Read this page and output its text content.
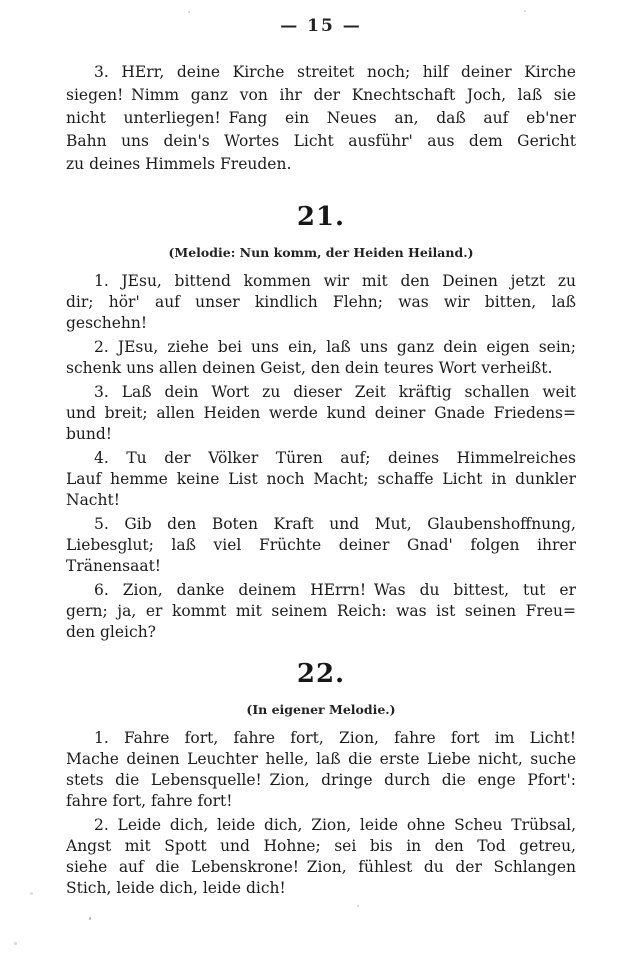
— 15 —
3. HErr, deine Kirche streitet noch; hilf deiner Kirche
siegen! Nimm ganz von ihr der Knechtschaft Joch, laß sie
nicht unterliegen! Fang ein Neues an, daß auf eb'ner
Bahn uns dein's Wortes Licht ausführ' aus dem Gericht
zu deines Himmels Freuden.
21.
(Melodie: Nun komm, der Heiden Heiland.)
1. JEsu, bittend kommen wir mit den Deinen jetzt zu
dir; hör' auf unser kindlich Flehn; was wir bitten, laß
geschehn!
2. JEsu, ziehe bei uns ein, laß uns ganz dein eigen sein;
schenk uns allen deinen Geist, den dein teures Wort verheißt.
3. Laß dein Wort zu dieser Zeit kräftig schallen weit
und breit; allen Heiden werde kund deiner Gnade Friedens=
bund!
4. Tu der Völker Türen auf; deines Himmelreiches
Lauf hemme keine List noch Macht; schaffe Licht in dunkler
Nacht!
5. Gib den Boten Kraft und Mut, Glaubenshoffnung,
Liebesglut; laß viel Früchte deiner Gnad' folgen ihrer
Tränensaat!
6. Zion, danke deinem HErrn! Was du bittest, tut er
gern; ja, er kommt mit seinem Reich: was ist seinen Freu=
den gleich?
22.
(In eigener Melodie.)
1. Fahre fort, fahre fort, Zion, fahre fort im Licht!
Mache deinen Leuchter helle, laß die erste Liebe nicht, suche
stets die Lebensquelle! Zion, dringe durch die enge Pfort':
fahre fort, fahre fort!
2. Leide dich, leide dich, Zion, leide ohne Scheu Trübsal,
Angst mit Spott und Hohne; sei bis in den Tod getreu,
siehe auf die Lebenskrone! Zion, fühlest du der Schlangen
Stich, leide dich, leide dich!
